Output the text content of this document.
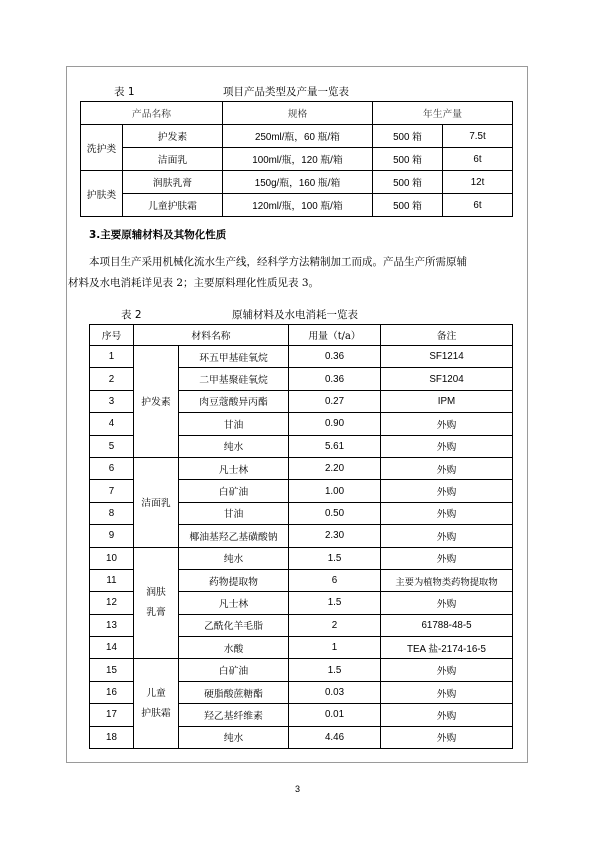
表 1	项目产品类型及产量一览表
产品名称		规格	年生产量	
洗护类	护发素	250ml/瓶，60 瓶/箱	500 箱	7.5t
	洁面乳	100ml/瓶，120 瓶/箱	500 箱	6t
护肤类	润肤乳膏	150g/瓶，160 瓶/箱	500 箱	12t
	儿童护肤霜	120ml/瓶，100 瓶/箱	500 箱	6t
3.主要原辅材料及其物化性质
本项目生产采用机械化流水生产线，经科学方法精制加工而成。产品生产所需原辅
材料及水电消耗详见表 2；主要原料理化性质见表 3。
表 2	原辅材料及水电消耗一览表
序号	材料名称		用量（t/a）	备注
1	护发素	环五甲基硅氧烷	0.36	SF1214
2		二甲基聚硅氧烷	0.36	SF1204
3		肉豆蔻酸异丙酯	0.27	IPM
4		甘油	0.90	外购
5		纯水	5.61	外购
6	洁面乳	凡士林	2.20	外购
7		白矿油	1.00	外购
8		甘油	0.50	外购
9		椰油基羟乙基磺酸钠	2.30	外购
10	润肤
乳膏	纯水	1.5	外购
11		药物提取物	6	主要为植物类药物提取物
12		凡士林	1.5	外购
13		乙酰化羊毛脂	2	61788-48-5
14		水酸	1	TEA 盐-2174-16-5
15	儿童
护肤霜	白矿油	1.5	外购
16		硬脂酸蔗糖酯	0.03	外购
17		羟乙基纤维素	0.01	外购
18		纯水	4.46	外购
3
